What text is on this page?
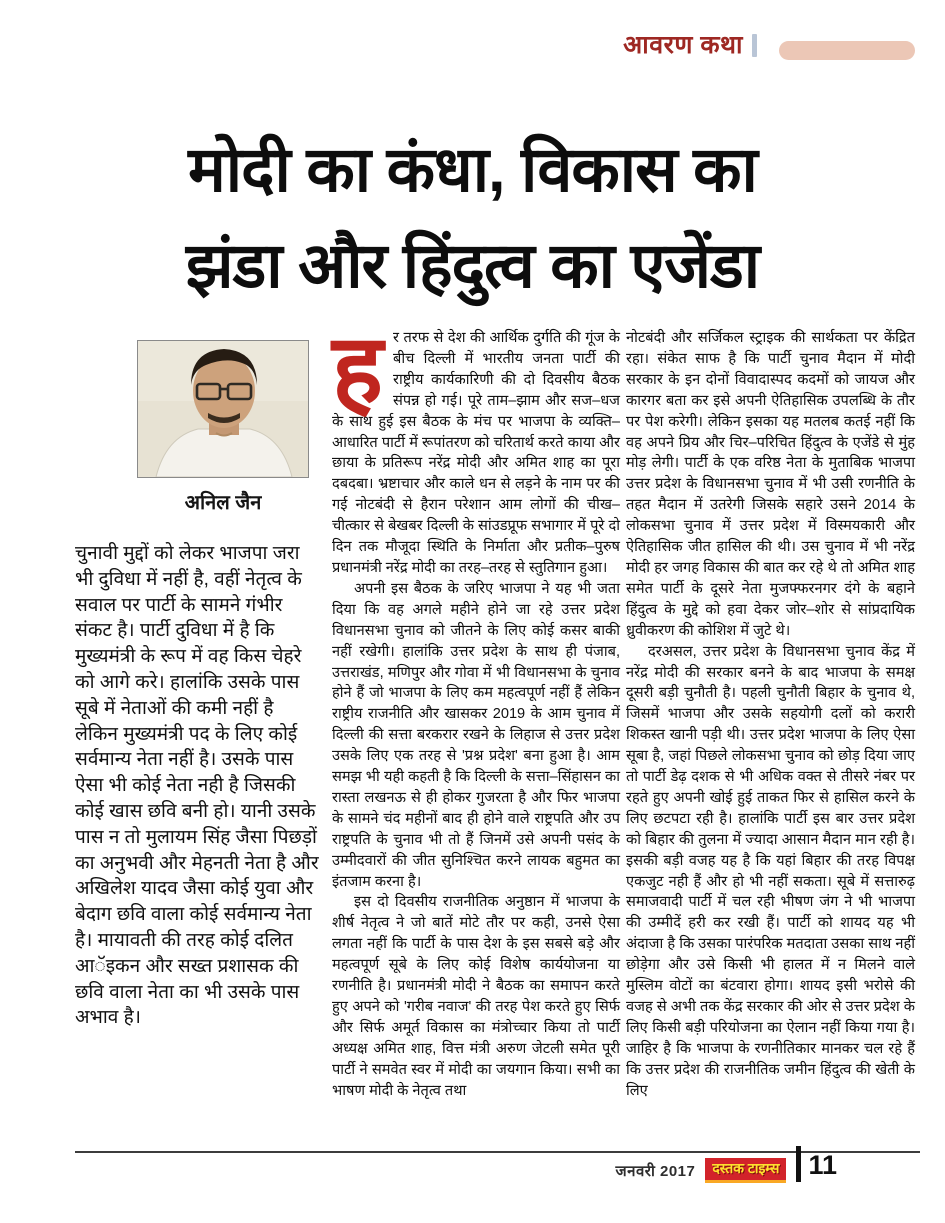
आवरण कथा
मोदी का कंधा, विकास का
झंडा और हिंदुत्व का एजेंडा
अनिल जैन

चुनावी मुद्दों को लेकर भाजपा जरा भी दुविधा में नहीं है, वहीं नेतृत्व के सवाल पर पार्टी के सामने गंभीर संकट है। पार्टी दुविधा में है कि मुख्यमंत्री के रूप में वह किस चेहरे को आगे करे। हालांकि उसके पास सूबे में नेताओं की कमी नहीं है लेकिन मुख्यमंत्री पद के लिए कोई सर्वमान्य नेता नहीं है। उसके पास ऐसा भी कोई नेता नही है जिसकी कोई खास छवि बनी हो। यानी उसके पास न तो मुलायम सिंह जैसा पिछड़ों का अनुभवी और मेहनती नेता है और अखिलेश यादव जैसा कोई युवा और बेदाग छवि वाला कोई सर्वमान्य नेता है। मायावती की तरह कोई दलित आॅइकन और सख्त प्रशासक की छवि वाला नेता का भी उसके पास अभाव है।

हर तरफ से देश की आर्थिक दुर्गति की गूंज के बीच दिल्ली में भारतीय जनता पार्टी की राष्ट्रीय कार्यकारिणी की दो दिवसीय बैठक संपन्न हो गई। पूरे ताम–झाम और सज–धज के साथ हुई इस बैठक के मंच पर भाजपा के व्यक्ति–आधारित पार्टी में रूपांतरण को चरितार्थ करते काया और छाया के प्रतिरूप नरेंद्र मोदी और अमित शाह का पूरा दबदबा। भ्रष्टाचार और काले धन से लड़ने के नाम पर की गई नोटबंदी से हैरान परेशान आम लोगों की चीख–चीत्कार से बेखबर दिल्ली के सांउडप्रूफ सभागार में पूरे दो दिन तक मौजूदा स्थिति के निर्माता और प्रतीक–पुरुष प्रधानमंत्री नरेंद्र मोदी का तरह–तरह से स्तुतिगान हुआ।

अपनी इस बैठक के जरिए भाजपा ने यह भी जता दिया कि वह अगले महीने होने जा रहे उत्तर प्रदेश विधानसभा चुनाव को जीतने के लिए कोई कसर बाकी नहीं रखेगी। हालांकि उत्तर प्रदेश के साथ ही पंजाब, उत्तराखंड, मणिपुर और गोवा में भी विधानसभा के चुनाव होने हैं जो भाजपा के लिए कम महत्वपूर्ण नहीं हैं लेकिन राष्ट्रीय राजनीति और खासकर 2019 के आम चुनाव में दिल्ली की सत्ता बरकरार रखने के लिहाज से उत्तर प्रदेश उसके लिए एक तरह से 'प्रश्न प्रदेश' बना हुआ है। आम समझ भी यही कहती है कि दिल्ली के सत्ता–सिंहासन का रास्ता लखनऊ से ही होकर गुजरता है और फिर भाजपा के सामने चंद महीनों बाद ही होने वाले राष्ट्रपति और उप राष्ट्रपति के चुनाव भी तो हैं जिनमें उसे अपनी पसंद के उम्मीदवारों की जीत सुनिश्चित करने लायक बहुमत का इंतजाम करना है।

इस दो दिवसीय राजनीतिक अनुष्ठान में भाजपा के शीर्ष नेतृत्व ने जो बातें मोटे तौर पर कही, उनसे ऐसा लगता नहीं कि पार्टी के पास देश के इस सबसे बड़े और महत्वपूर्ण सूबे के लिए कोई विशेष कार्ययोजना या रणनीति है। प्रधानमंत्री मोदी ने बैठक का समापन करते हुए अपने को 'गरीब नवाज' की तरह पेश करते हुए सिर्फ और सिर्फ अमूर्त विकास का मंत्रोच्चार किया तो पार्टी अध्यक्ष अमित शाह, वित्त मंत्री अरुण जेटली समेत पूरी पार्टी ने समवेत स्वर में मोदी का जयगान किया। सभी का भाषण मोदी के नेतृत्व तथा

नोटबंदी और सर्जिकल स्ट्राइक की सार्थकता पर केंद्रित रहा। संकेत साफ है कि पार्टी चुनाव मैदान में मोदी सरकार के इन दोनों विवादास्पद कदमों को जायज और कारगर बता कर इसे अपनी ऐतिहासिक उपलब्धि के तौर पर पेश करेगी। लेकिन इसका यह मतलब कतई नहीं कि वह अपने प्रिय और चिर–परिचित हिंदुत्व के एजेंडे से मुंह मोड़ लेगी। पार्टी के एक वरिष्ठ नेता के मुताबिक भाजपा उत्तर प्रदेश के विधानसभा चुनाव में भी उसी रणनीति के तहत मैदान में उतरेगी जिसके सहारे उसने 2014 के लोकसभा चुनाव में उत्तर प्रदेश में विस्मयकारी और ऐतिहासिक जीत हासिल की थी। उस चुनाव में भी नरेंद्र मोदी हर जगह विकास की बात कर रहे थे तो अमित शाह समेत पार्टी के दूसरे नेता मुजफ्फरनगर दंगे के बहाने हिंदुत्व के मुद्दे को हवा देकर जोर–शोर से सांप्रदायिक ध्रुवीकरण की कोशिश में जुटे थे।

दरअसल, उत्तर प्रदेश के विधानसभा चुनाव केंद्र में नरेंद्र मोदी की सरकार बनने के बाद भाजपा के समक्ष दूसरी बड़ी चुनौती है। पहली चुनौती बिहार के चुनाव थे, जिसमें भाजपा और उसके सहयोगी दलों को करारी शिकस्त खानी पड़ी थी। उत्तर प्रदेश भाजपा के लिए ऐसा सूबा है, जहां पिछले लोकसभा चुनाव को छोड़ दिया जाए तो पार्टी डेढ़ दशक से भी अधिक वक्त से तीसरे नंबर पर रहते हुए अपनी खोई हुई ताकत फिर से हासिल करने के लिए छटपटा रही है। हालांकि पार्टी इस बार उत्तर प्रदेश को बिहार की तुलना में ज्यादा आसान मैदान मान रही है। इसकी बड़ी वजह यह है कि यहां बिहार की तरह विपक्ष एकजुट नही हैं और हो भी नहीं सकता। सूबे में सत्तारुढ़ समाजवादी पार्टी में चल रही भीषण जंग ने भी भाजपा की उम्मीदें हरी कर रखी हैं। पार्टी को शायद यह भी अंदाजा है कि उसका पारंपरिक मतदाता उसका साथ नहीं छोड़ेगा और उसे किसी भी हालत में न मिलने वाले मुस्लिम वोटों का बंटवारा होगा। शायद इसी भरोसे की वजह से अभी तक केंद्र सरकार की ओर से उत्तर प्रदेश के लिए किसी बड़ी परियोजना का ऐलान नहीं किया गया है। जाहिर है कि भाजपा के रणनीतिकार मानकर चल रहे हैं कि उत्तर प्रदेश की राजनीतिक जमीन हिंदुत्व की खेती के लिए

जनवरी 2017	दस्तक टाइम्स 11
